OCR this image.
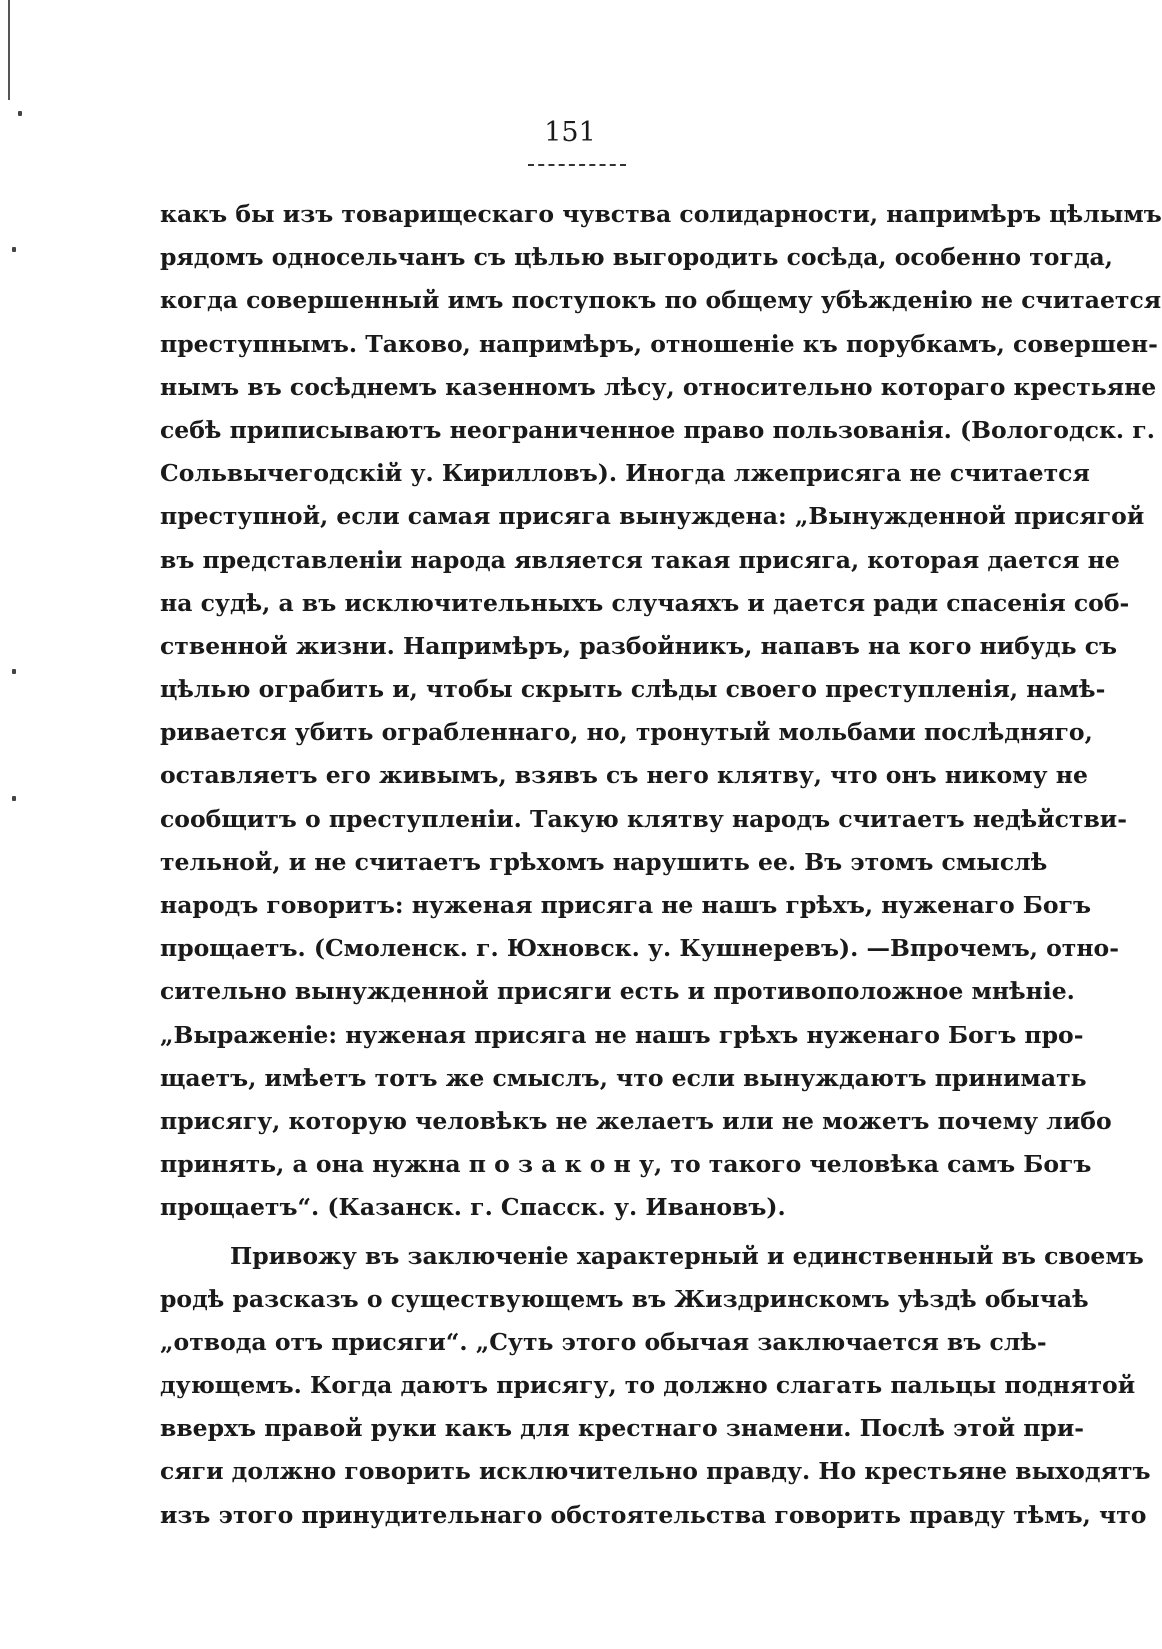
151

какъ бы изъ товарищескаго чувства солидарности, напримѣръ цѣлымъ
рядомъ односельчанъ съ цѣлью выгородить сосѣда, особенно тогда,
когда совершенный имъ поступокъ по общему убѣжденію не считается
преступнымъ. Таково, напримѣръ, отношеніе къ порубкамъ, совершен-
нымъ въ сосѣднемъ казенномъ лѣсу, относительно котораго крестьяне
себѣ приписываютъ неограниченное право пользованія. (Вологодск. г.
Сольвычегодскій у. Кирилловъ). Иногда лжеприсяга не считается
преступной, если самая присяга вынуждена: „Вынужденной присягой
въ представленіи народа является такая присяга, которая дается не
на судѣ, а въ исключительныхъ случаяхъ и дается ради спасенія соб-
ственной жизни. Напримѣръ, разбойникъ, напавъ на кого нибудь съ
цѣлью ограбить и, чтобы скрыть слѣды своего преступленія, намѣ-
ривается убить ограбленнаго, но, тронутый мольбами послѣдняго,
оставляетъ его живымъ, взявъ съ него клятву, что онъ никому не
сообщитъ о преступленіи. Такую клятву народъ считаетъ недѣйстви-
тельной, и не считаетъ грѣхомъ нарушить ее. Въ этомъ смыслѣ
народъ говоритъ: нуженая присяга не нашъ грѣхъ, нуженаго Богъ
прощаетъ. (Смоленск. г. Юхновск. у. Кушнеревъ). —Впрочемъ, отно-
сительно вынужденной присяги есть и противоположное мнѣніе.
„Выраженіе: нуженая присяга не нашъ грѣхъ нуженаго Богъ про-
щаетъ, имѣетъ тотъ же смыслъ, что если вынуждаютъ принимать
присягу, которую человѣкъ не желаетъ или не можетъ почему либо
принять, а она нужна п о з а к о н у, то такого человѣка самъ Богъ
прощаетъ“. (Казанск. г. Спасск. у. Ивановъ).
Привожу въ заключеніе характерный и единственный въ своемъ
родѣ разсказъ о существующемъ въ Жиздринскомъ уѣздѣ обычаѣ
„отвода отъ присяги“. „Суть этого обычая заключается въ слѣ-
дующемъ. Когда даютъ присягу, то должно слагать пальцы поднятой
вверхъ правой руки какъ для крестнаго знамени. Послѣ этой при-
сяги должно говорить исключительно правду. Но крестьяне выходятъ
изъ этого принудительнаго обстоятельства говорить правду тѣмъ, что
